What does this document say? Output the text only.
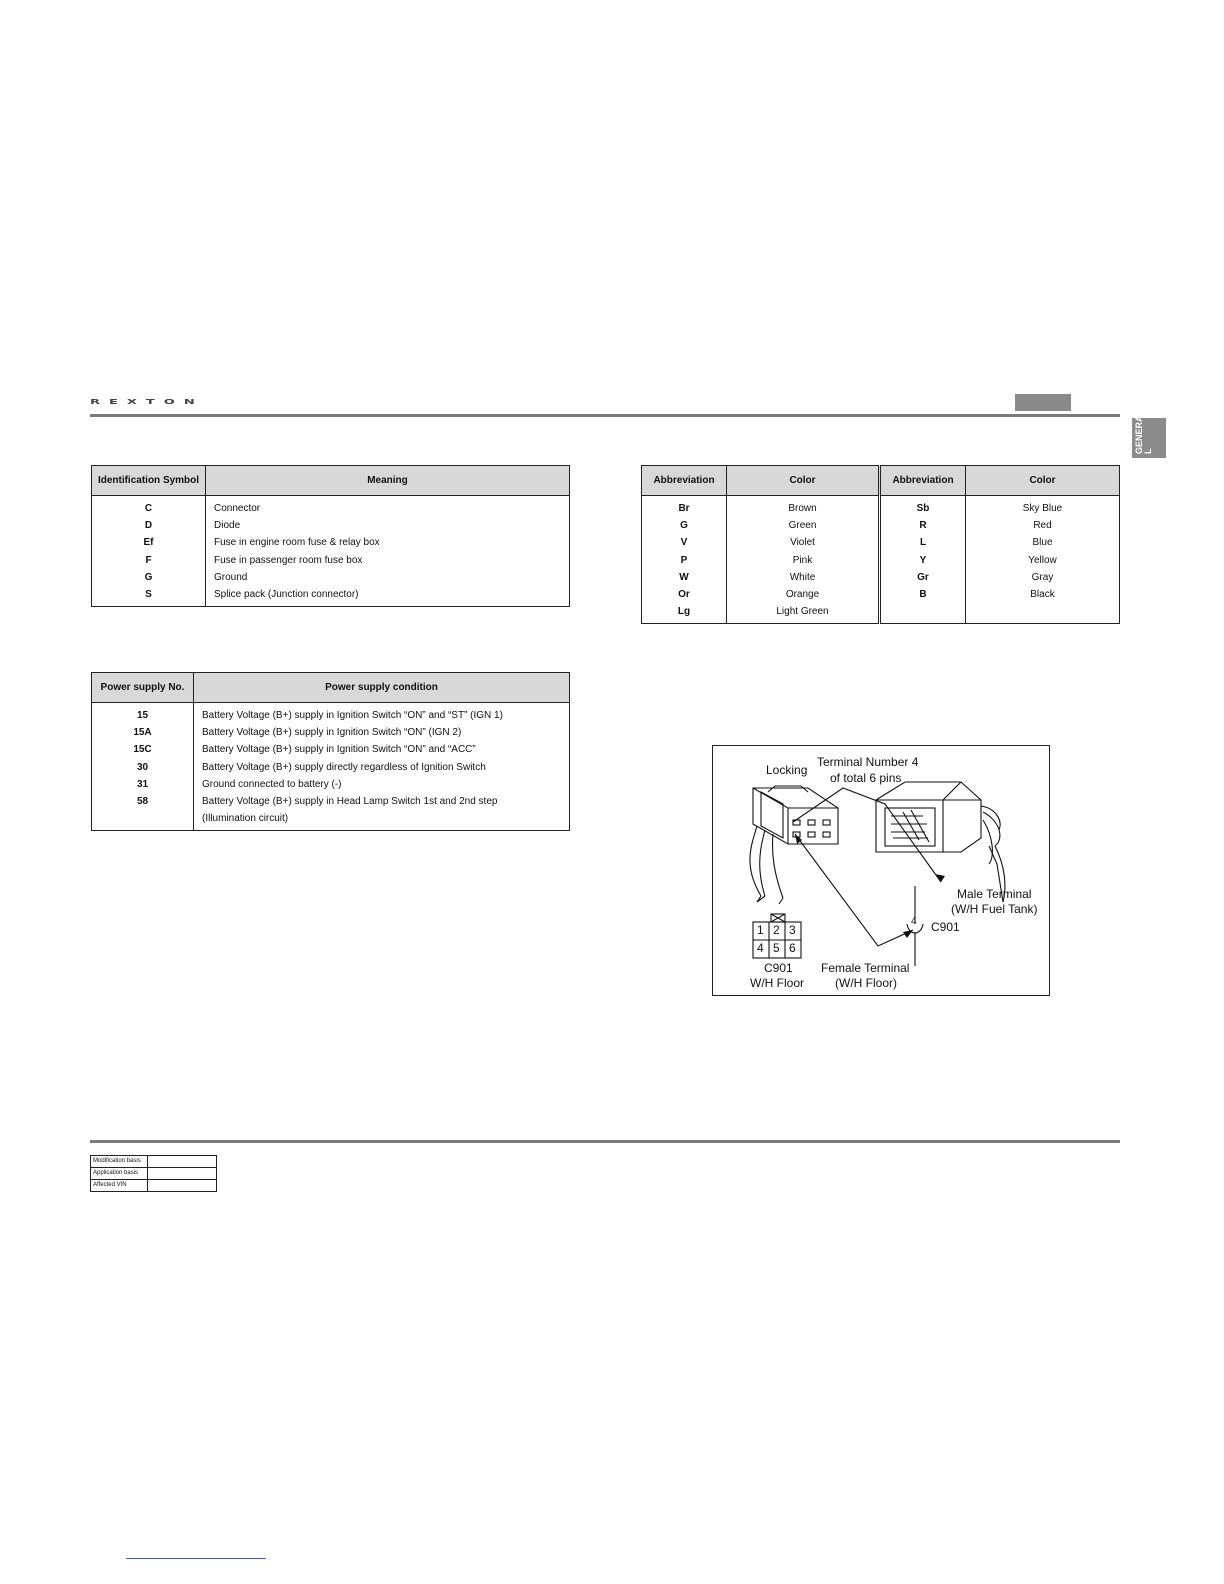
REXTON
GENERA
L
Identification Symbol	Meaning

C	Connector
D	Diode
Ef	Fuse in engine room fuse & relay box
F	Fuse in passenger room fuse box
G	Ground
S	Splice pack (Junction connector)
Abbreviation	Color	Abbreviation	Color

Br	Brown	Sb	Sky Blue
G	Green	R	Red
V	Violet	L	Blue
P	Pink	Y	Yellow
W	White	Gr	Gray
Or	Orange	B	Black
Lg	Light Green		
Power supply No.	Power supply condition

15	Battery Voltage (B+) supply in Ignition Switch “ON” and “ST” (IGN 1)
15A	Battery Voltage (B+) supply in Ignition Switch “ON” (IGN 2)
15C	Battery Voltage (B+) supply in Ignition Switch “ON” and “ACC”
30	Battery Voltage (B+) supply directly regardless of Ignition Switch
31	Ground connected to battery (-)
58	Battery Voltage (B+) supply in Head Lamp Switch 1st and 2nd step
	(Illumination circuit)
Locking
Terminal Number 4
of total 6 pins
Male Terminal
(W/H Fuel Tank)
4 C901
Female Terminal
(W/H Floor)
C901
W/H Floor
1 2 3
4 5 6
Modification basis	
Application basis	
Affected VIN	
